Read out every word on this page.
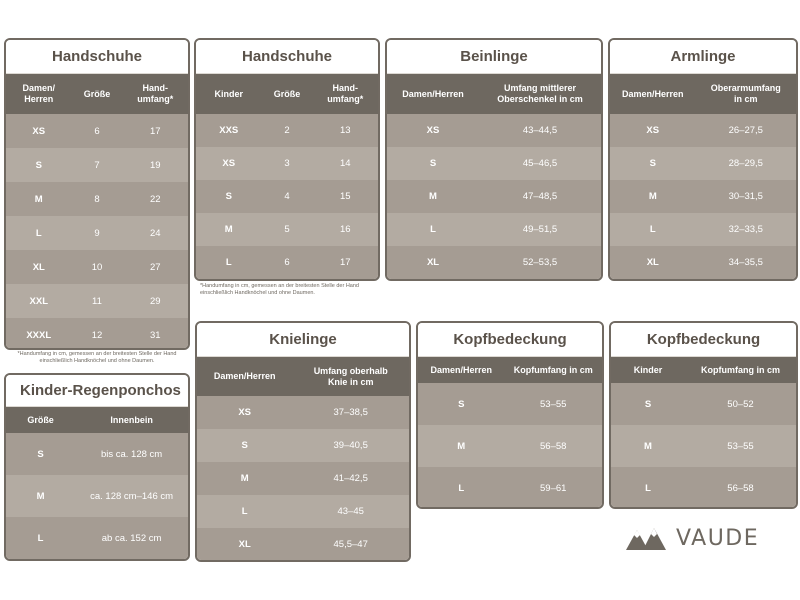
Handschuhe
Damen/
Herren	Größe	Hand-
umfang*
XS	6	17
S	7	19
M	8	22
L	9	24
XL	10	27
XXL	11	29
XXXL	12	31
*Handumfang in cm, gemessen an der breitesten Stelle der Hand einschließlich Handknöchel und ohne Daumen.
Handschuhe
Kinder	Größe	Hand-
umfang*
XXS	2	13
XS	3	14
S	4	15
M	5	16
L	6	17
*Handumfang in cm, gemessen an der breitesten Stelle der Hand einschließlich Handknöchel und ohne Daumen.
Beinlinge
Damen/Herren	Umfang mittlerer
Oberschenkel in cm
XS	43–44,5
S	45–46,5
M	47–48,5
L	49–51,5
XL	52–53,5
Armlinge
Damen/Herren	Oberarmumfang
in cm
XS	26–27,5
S	28–29,5
M	30–31,5
L	32–33,5
XL	34–35,5
Kinder-Regenponchos
Größe	Innenbein
S	bis ca. 128 cm
M	ca. 128 cm–146 cm
L	ab ca. 152 cm
Knielinge
Damen/Herren	Umfang oberhalb
Knie in cm
XS	37–38,5
S	39–40,5
M	41–42,5
L	43–45
XL	45,5–47
Kopfbedeckung
Damen/Herren	Kopfumfang in cm
S	53–55
M	56–58
L	59–61
Kopfbedeckung
Kinder	Kopfumfang in cm
S	50–52
M	53–55
L	56–58
VAUDE
